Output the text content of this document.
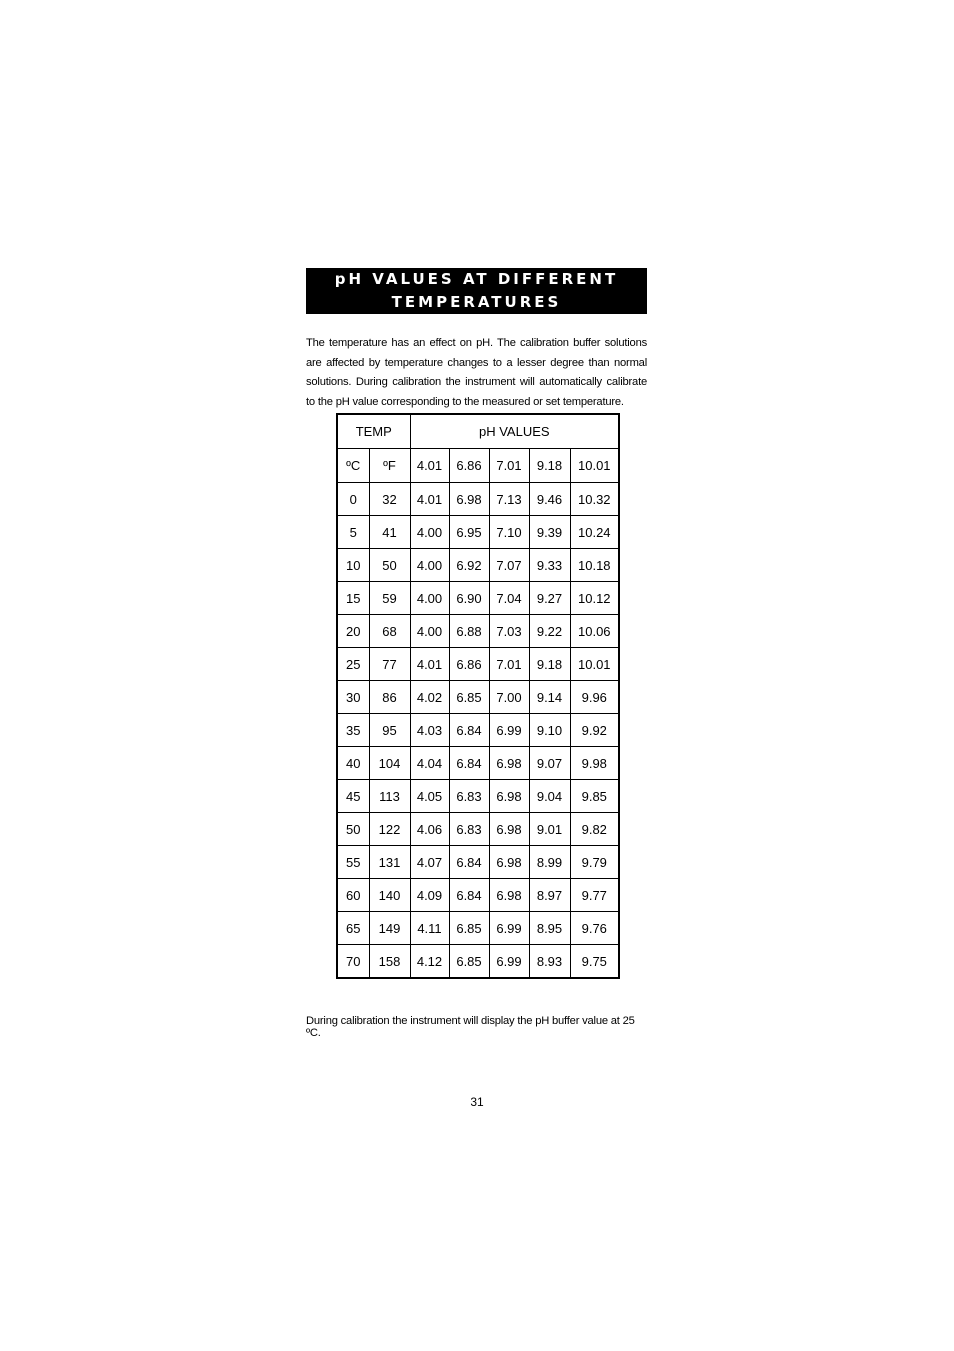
pH VALUES AT DIFFERENT
TEMPERATURES

The temperature has an effect on pH. The calibration buffer solutions are affected by temperature changes to a lesser degree than normal solutions. During calibration the instrument will automatically calibrate to the pH value corresponding to the measured or set temperature.

TEMP		pH VALUES				
ºC	ºF	4.01	6.86	7.01	9.18	10.01
0	32	4.01	6.98	7.13	9.46	10.32
5	41	4.00	6.95	7.10	9.39	10.24
10	50	4.00	6.92	7.07	9.33	10.18
15	59	4.00	6.90	7.04	9.27	10.12
20	68	4.00	6.88	7.03	9.22	10.06
25	77	4.01	6.86	7.01	9.18	10.01
30	86	4.02	6.85	7.00	9.14	9.96
35	95	4.03	6.84	6.99	9.10	9.92
40	104	4.04	6.84	6.98	9.07	9.98
45	113	4.05	6.83	6.98	9.04	9.85
50	122	4.06	6.83	6.98	9.01	9.82
55	131	4.07	6.84	6.98	8.99	9.79
60	140	4.09	6.84	6.98	8.97	9.77
65	149	4.11	6.85	6.99	8.95	9.76
70	158	4.12	6.85	6.99	8.93	9.75

During calibration the instrument will display the pH buffer value at 25 ºC.

31
